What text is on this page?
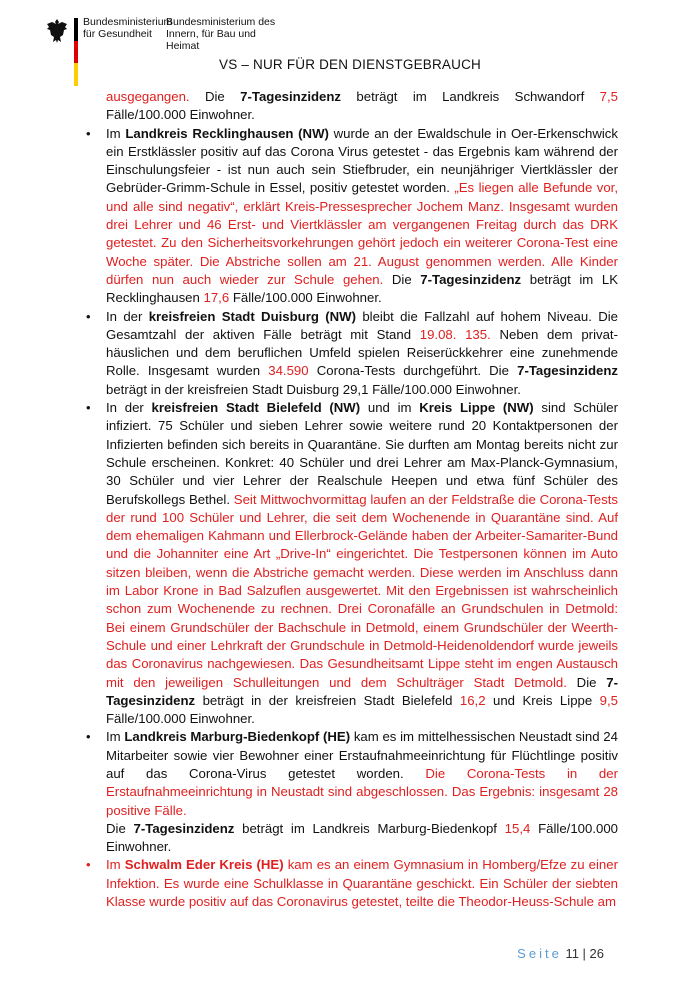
Bundesministerium für Gesundheit
Bundesministerium des Innern, für Bau und Heimat
VS – NUR FÜR DEN DIENSTGEBRAUCH

ausgegangen. Die 7-Tagesinzidenz beträgt im Landkreis Schwandorf 7,5 Fälle/100.000 Einwohner.

• Im Landkreis Recklinghausen (NW) wurde an der Ewaldschule in Oer-Erkenschwick ein Erstklässler positiv auf das Corona Virus getestet - das Ergebnis kam während der Einschulungsfeier - ist nun auch sein Stiefbruder, ein neunjähriger Viertklässler der Gebrüder-Grimm-Schule in Essel, positiv getestet worden. „Es liegen alle Befunde vor, und alle sind negativ“, erklärt Kreis-Pressesprecher Jochem Manz. Insgesamt wurden drei Lehrer und 46 Erst- und Viertklässler am vergangenen Freitag durch das DRK getestet. Zu den Sicherheitsvorkehrungen gehört jedoch ein weiterer Corona-Test eine Woche später. Die Abstriche sollen am 21. August genommen werden. Alle Kinder dürfen nun auch wieder zur Schule gehen. Die 7-Tagesinzidenz beträgt im LK Recklinghausen 17,6 Fälle/100.000 Einwohner.
• In der kreisfreien Stadt Duisburg (NW) bleibt die Fallzahl auf hohem Niveau. Die Gesamtzahl der aktiven Fälle beträgt mit Stand 19.08. 135. Neben dem privat-häuslichen und dem beruflichen Umfeld spielen Reiserückkehrer eine zunehmende Rolle. Insgesamt wurden 34.590 Corona-Tests durchgeführt. Die 7-Tagesinzidenz beträgt in der kreisfreien Stadt Duisburg 29,1 Fälle/100.000 Einwohner.
• In der kreisfreien Stadt Bielefeld (NW) und im Kreis Lippe (NW) sind Schüler infiziert. 75 Schüler und sieben Lehrer sowie weitere rund 20 Kontaktpersonen der Infizierten befinden sich bereits in Quarantäne. Sie durften am Montag bereits nicht zur Schule erscheinen. Konkret: 40 Schüler und drei Lehrer am Max-Planck-Gymnasium, 30 Schüler und vier Lehrer der Realschule Heepen und etwa fünf Schüler des Berufskollegs Bethel. Seit Mittwochvormittag laufen an der Feldstraße die Corona-Tests der rund 100 Schüler und Lehrer, die seit dem Wochenende in Quarantäne sind. Auf dem ehemaligen Kahmann und Ellerbrock-Gelände haben der Arbeiter-Samariter-Bund und die Johanniter eine Art „Drive-In“ eingerichtet. Die Testpersonen können im Auto sitzen bleiben, wenn die Abstriche gemacht werden. Diese werden im Anschluss dann im Labor Krone in Bad Salzuflen ausgewertet. Mit den Ergebnissen ist wahrscheinlich schon zum Wochenende zu rechnen. Drei Coronafälle an Grundschulen in Detmold: Bei einem Grundschüler der Bachschule in Detmold, einem Grundschüler der Weerth-Schule und einer Lehrkraft der Grundschule in Detmold-Heidenoldendorf wurde jeweils das Coronavirus nachgewiesen. Das Gesundheitsamt Lippe steht im engen Austausch mit den jeweiligen Schulleitungen und dem Schulträger Stadt Detmold. Die 7-Tagesinzidenz beträgt in der kreisfreien Stadt Bielefeld 16,2 und Kreis Lippe 9,5 Fälle/100.000 Einwohner.
• Im Landkreis Marburg-Biedenkopf (HE) kam es im mittelhessischen Neustadt sind 24 Mitarbeiter sowie vier Bewohner einer Erstaufnahmeeinrichtung für Flüchtlinge positiv auf das Corona-Virus getestet worden. Die Corona-Tests in der Erstaufnahmeeinrichtung in Neustadt sind abgeschlossen. Das Ergebnis: insgesamt 28 positive Fälle.
Die 7-Tagesinzidenz beträgt im Landkreis Marburg-Biedenkopf 15,4 Fälle/100.000 Einwohner.
• Im Schwalm Eder Kreis (HE) kam es an einem Gymnasium in Homberg/Efze zu einer Infektion. Es wurde eine Schulklasse in Quarantäne geschickt. Ein Schüler der siebten Klasse wurde positiv auf das Coronavirus getestet, teilte die Theodor-Heuss-Schule am
Seite 11 | 26
